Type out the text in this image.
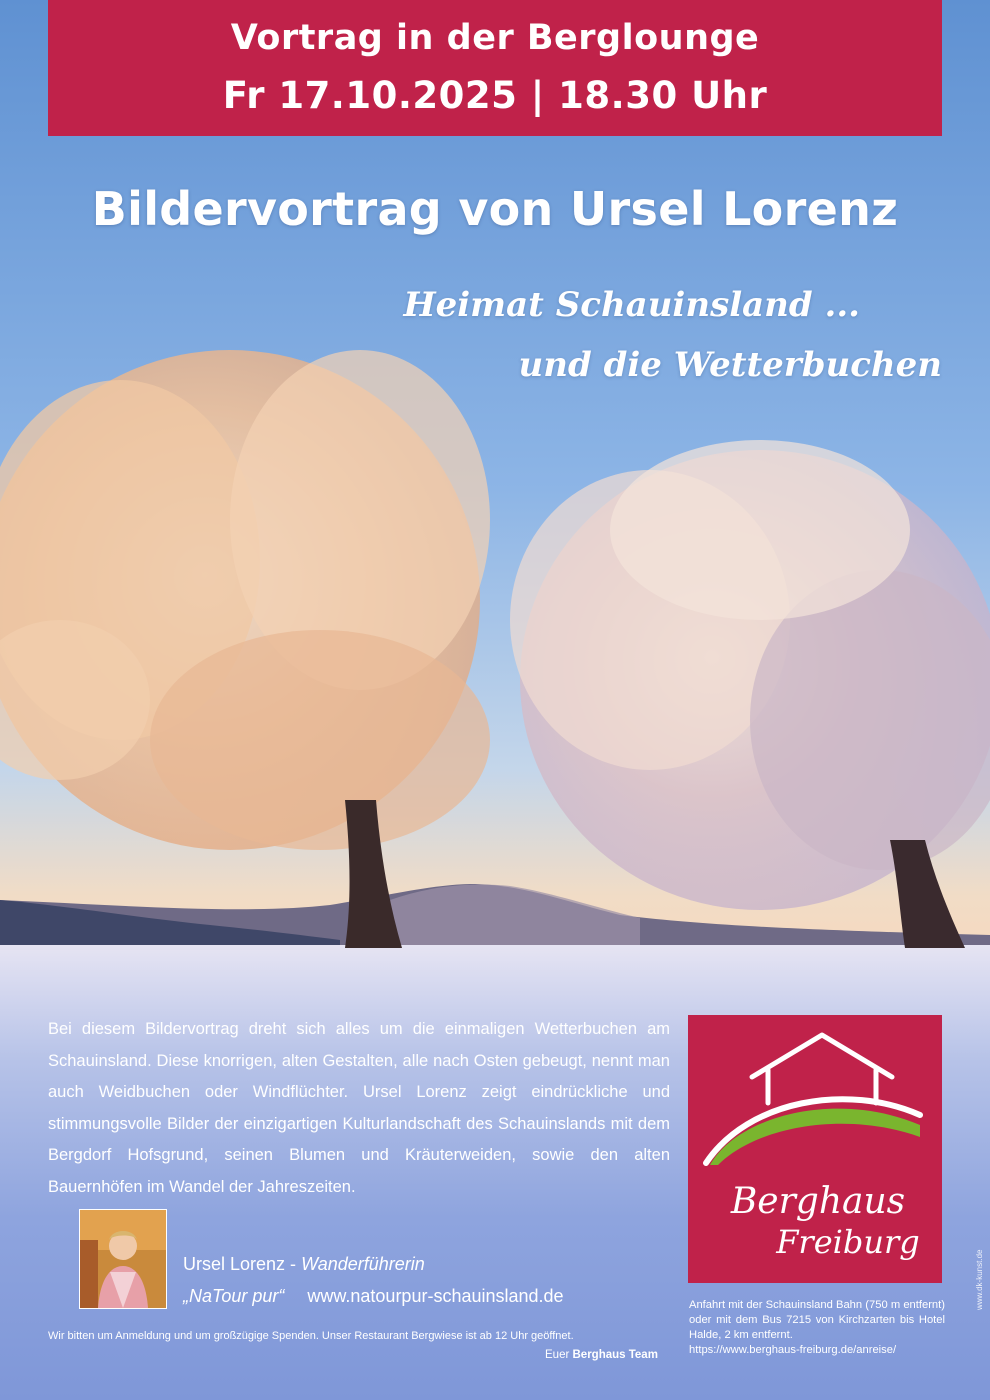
Vortrag in der Berglounge
Fr 17.10.2025 | 18.30 Uhr
Bildervortrag von Ursel Lorenz
Heimat Schauinsland ...
und die Wetterbuchen
Bei diesem Bildervortrag dreht sich alles um die einmaligen Wetterbuchen am Schauinsland. Diese knorrigen, alten Gestalten, alle nach Osten gebeugt, nennt man auch Weidbuchen oder Windflüchter. Ursel Lorenz zeigt eindrückliche und stimmungsvolle Bilder der einzigartigen Kulturlandschaft des Schauinslands mit dem Bergdorf Hofsgrund, seinen Blumen und Kräuterweiden, sowie den alten Bauernhöfen im Wandel der Jahreszeiten.
Ursel Lorenz - Wanderführerin
„NaTour pur“ www.natourpur-schauinsland.de
Wir bitten um Anmeldung und um großzügige Spenden. Unser Restaurant Bergwiese ist ab 12 Uhr geöffnet.
Euer Berghaus Team
Berghaus
Freiburg
Anfahrt mit der Schauinsland Bahn (750 m entfernt) oder mit dem Bus 7215 von Kirchzarten bis Hotel Halde, 2 km entfernt.
https://www.berghaus-freiburg.de/anreise/
www.dk-kunst.de
